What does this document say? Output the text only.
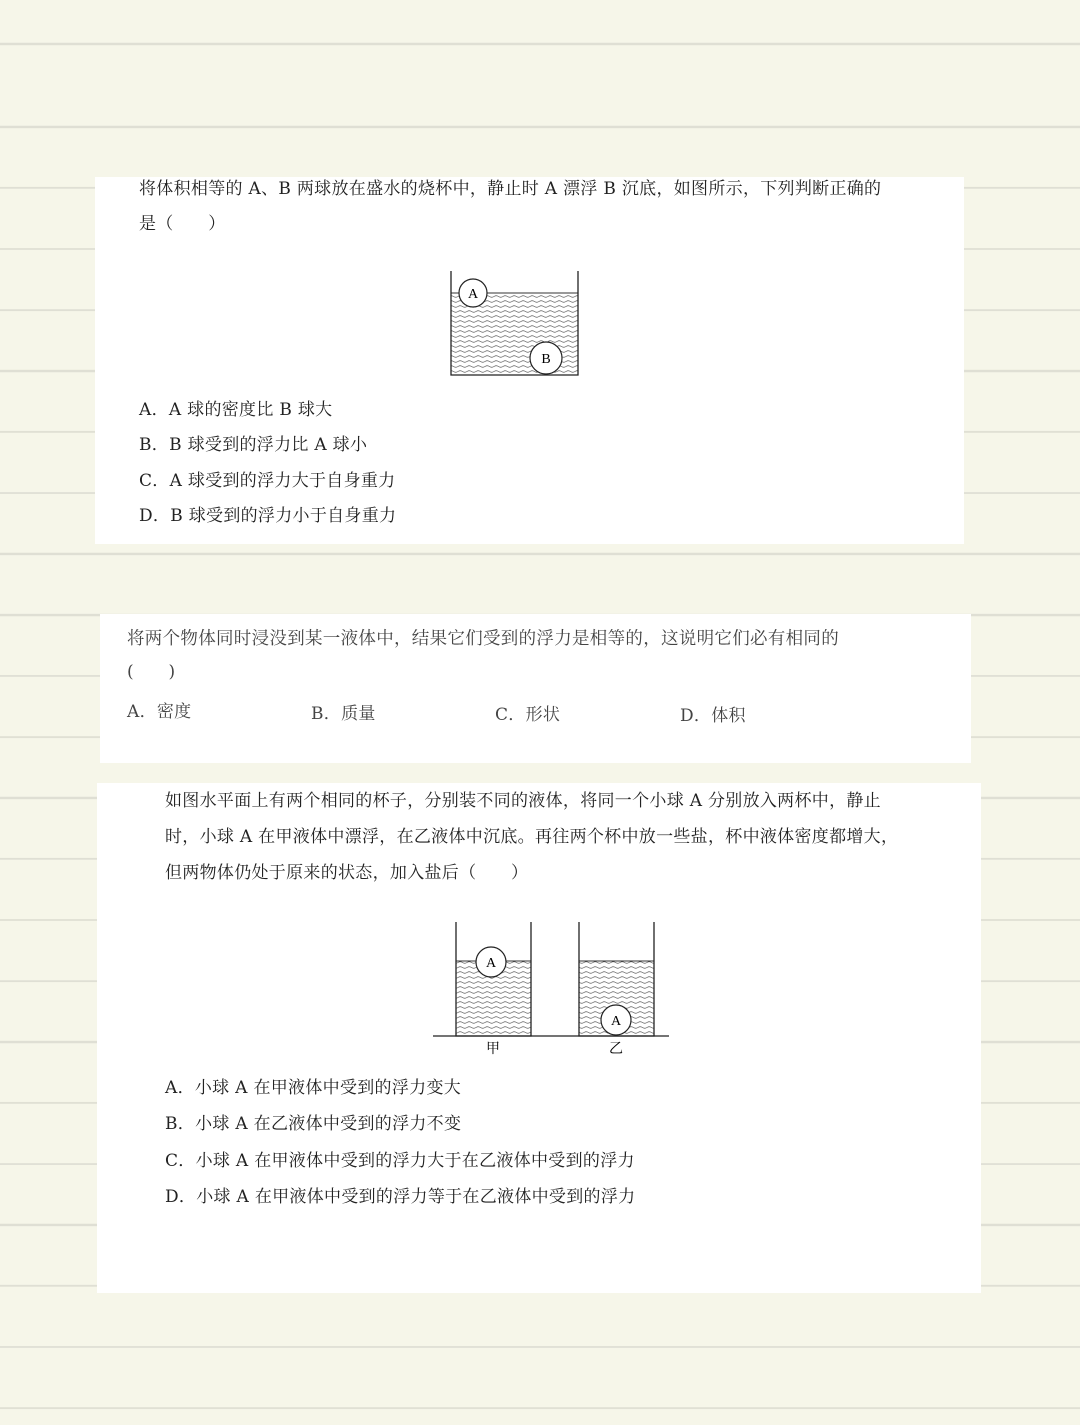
将体积相等的 A、B 两球放在盛水的烧杯中，静止时 A 漂浮 B 沉底，如图所示，下列判断正确的
是（　　）
A
B
A．A 球的密度比 B 球大
B．B 球受到的浮力比 A 球小
C．A 球受到的浮力大于自身重力
D．B 球受到的浮力小于自身重力
将两个物体同时浸没到某一液体中，结果它们受到的浮力是相等的，这说明它们必有相同的
(　　)
A．密度	B．质量	C．形状	D．体积
如图水平面上有两个相同的杯子，分别装不同的液体，将同一个小球 A 分别放入两杯中，静止
时，小球 A 在甲液体中漂浮，在乙液体中沉底。再往两个杯中放一些盐，杯中液体密度都增大，
但两物体仍处于原来的状态，加入盐后（　　）
A
甲
A
乙
A．小球 A 在甲液体中受到的浮力变大
B．小球 A 在乙液体中受到的浮力不变
C．小球 A 在甲液体中受到的浮力大于在乙液体中受到的浮力
D．小球 A 在甲液体中受到的浮力等于在乙液体中受到的浮力
